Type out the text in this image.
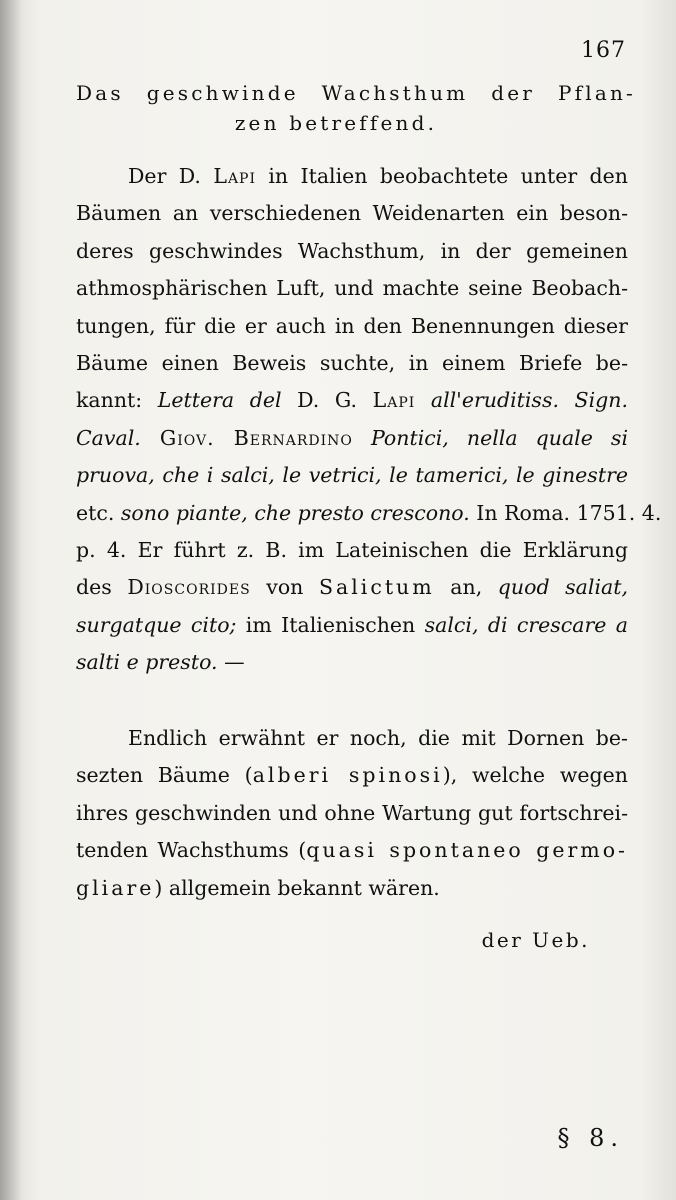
167
Das geschwinde Wachsthum der Pflan-
zen betreffend.
Der D. Lapi in Italien beobachtete unter den
Bäumen an verschiedenen Weidenarten ein beson-
deres geschwindes Wachsthum, in der gemeinen
athmosphärischen Luft, und machte seine Beobach-
tungen, für die er auch in den Benennungen dieser
Bäume einen Beweis suchte, in einem Briefe be-
kannt: Lettera del D. G. Lapi all'eruditiss. Sign.
Caval. Giov. Bernardino Pontici, nella quale si
pruova, che i salci, le vetrici, le tamerici, le ginestre
etc. sono piante, che presto crescono. In Roma. 1751. 4.
p. 4. Er führt z. B. im Lateinischen die Erklärung
des Dioscorides von Salictum an, quod saliat,
surgatque cito; im Italienischen salci, di crescare a
salti e presto. —
Endlich erwähnt er noch, die mit Dornen be-
sezten Bäume (alberi spinosi), welche wegen
ihres geschwinden und ohne Wartung gut fortschrei-
tenden Wachsthums (quasi spontaneo germo-
gliare) allgemein bekannt wären.
der Ueb.
§ 8.
